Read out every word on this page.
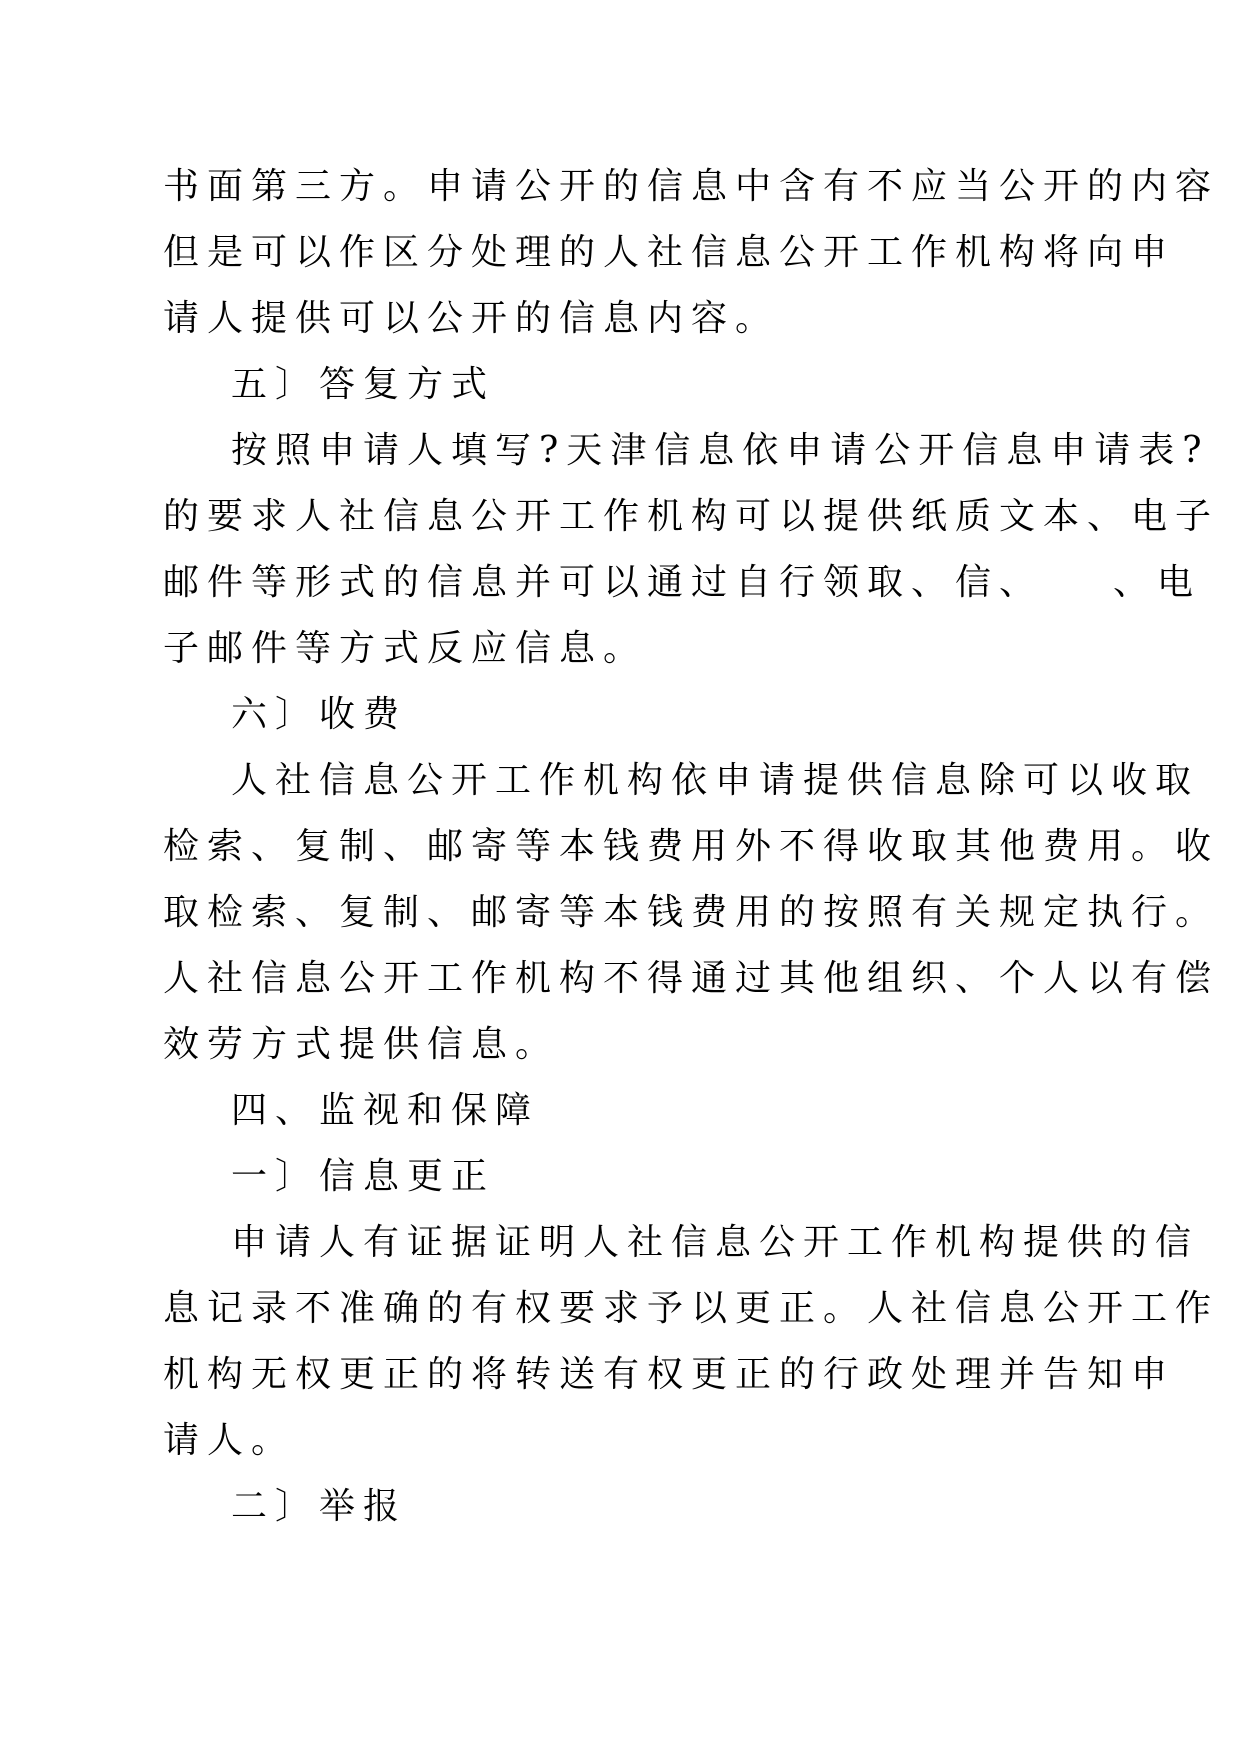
书面第三方。申请公开的信息中含有不应当公开的内容

但是可以作区分处理的人社信息公开工作机构将向申

请人提供可以公开的信息内容。

五〕答复方式

按照申请人填写?天津信息依申请公开信息申请表?

的要求人社信息公开工作机构可以提供纸质文本、电子

邮件等形式的信息并可以通过自行领取、信、　　、电

子邮件等方式反应信息。

六〕收费

人社信息公开工作机构依申请提供信息除可以收取

检索、复制、邮寄等本钱费用外不得收取其他费用。收

取检索、复制、邮寄等本钱费用的按照有关规定执行。

人社信息公开工作机构不得通过其他组织、个人以有偿

效劳方式提供信息。

四、监视和保障

一〕信息更正

申请人有证据证明人社信息公开工作机构提供的信

息记录不准确的有权要求予以更正。人社信息公开工作

机构无权更正的将转送有权更正的行政处理并告知申

请人。

二〕举报
